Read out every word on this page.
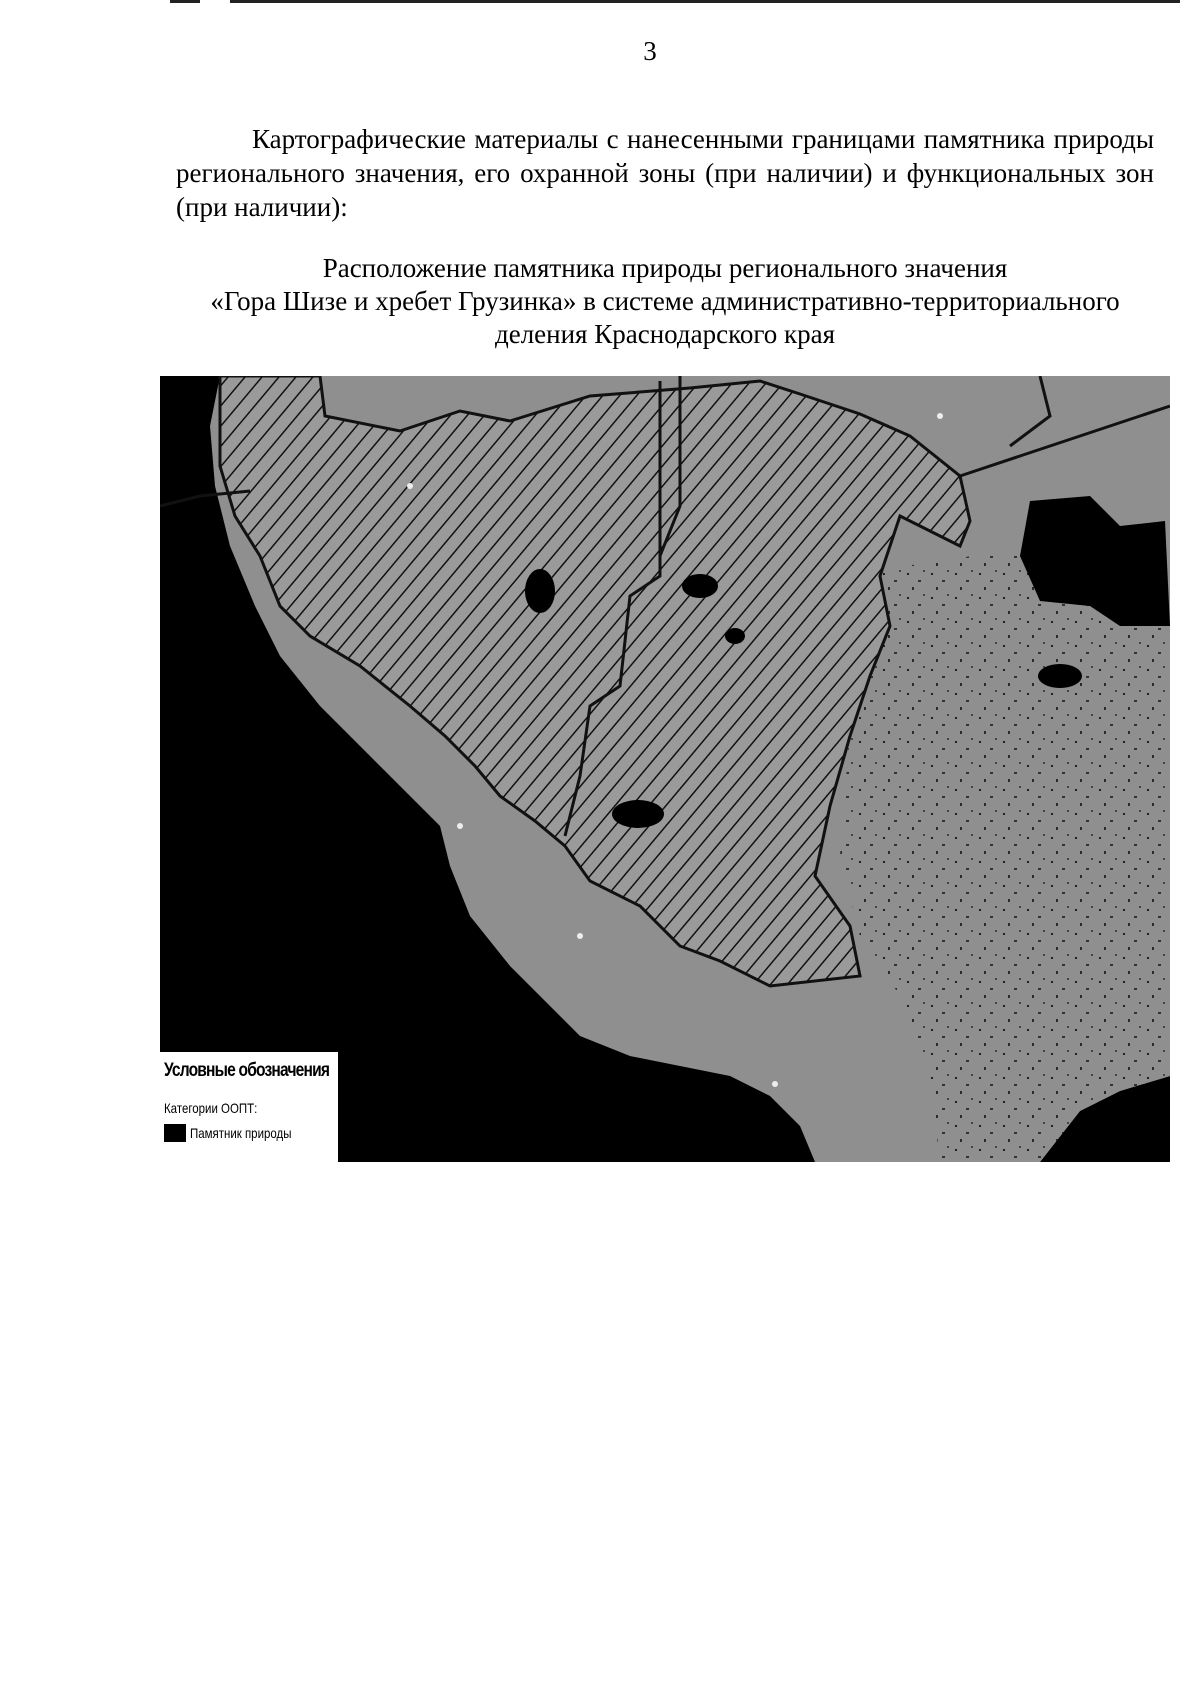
3

Картографические материалы с нанесенными границами памятника природы регионального значения, его охранной зоны (при наличии) и функциональных зон (при наличии):

Расположение памятника природы регионального значения
«Гора Шизе и хребет Грузинка» в системе административно-территориального
деления Краснодарского края
Условные обозначения
Категории ООПТ:
Памятник природы
